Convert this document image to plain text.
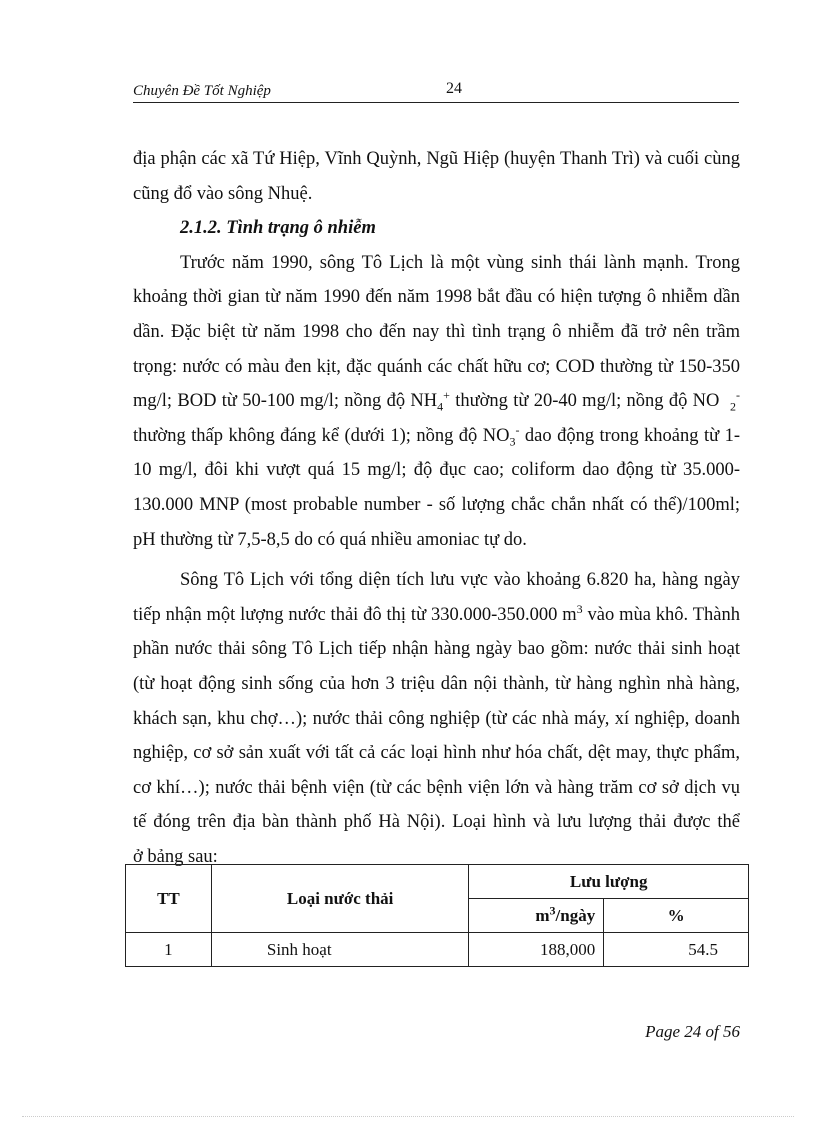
Chuyên Đề Tốt Nghiệp	24
địa phận các xã Tứ Hiệp, Vĩnh Quỳnh, Ngũ Hiệp (huyện Thanh Trì) và cuối cùng
cũng đổ vào sông Nhuệ.
2.1.2. Tình trạng ô nhiễm
Trước năm 1990, sông Tô Lịch là một vùng sinh thái lành mạnh. Trong
khoảng thời gian từ năm 1990 đến năm 1998 bắt đầu có hiện tượng ô nhiễm dần
dần. Đặc biệt từ năm 1998 cho đến nay thì tình trạng ô nhiễm đã trở nên trầm
trọng: nước có màu đen kịt, đặc quánh các chất hữu cơ; COD thường từ 150-350
mg/l; BOD từ 50-100 mg/l; nồng độ $NH_4^+$ thường từ 20-40 mg/l; nồng độ NO $_2$-
thường thấp không đáng kể (dưới 1); nồng độ $NO_3^-$ dao động trong khoảng từ 1-
10 mg/l, đôi khi vượt quá 15 mg/l; độ đục cao; coliform dao động từ 35.000-
130.000 MNP (most probable number - số lượng chắc chắn nhất có thể)/100ml;
pH thường từ 7,5-8,5 do có quá nhiều amoniac tự do.
Sông Tô Lịch với tổng diện tích lưu vực vào khoảng 6.820 ha, hàng ngày
tiếp nhận một lượng nước thải đô thị từ 330.000-350.000 $m^3$ vào mùa khô. Thành
phần nước thải sông Tô Lịch tiếp nhận hàng ngày bao gồm: nước thải sinh hoạt
(từ hoạt động sinh sống của hơn 3 triệu dân nội thành, từ hàng nghìn nhà hàng,
khách sạn, khu chợ…); nước thải công nghiệp (từ các nhà máy, xí nghiệp, doanh
nghiệp, cơ sở sản xuất với tất cả các loại hình như hóa chất, dệt may, thực phẩm,
cơ khí…); nước thải bệnh viện (từ các bệnh viện lớn và hàng trăm cơ sở dịch vụ
tế đóng trên địa bàn thành phố Hà Nội). Loại hình và lưu lượng thải được thể
ở bảng sau:
TT	Loại nước thải	Lưu lượng	
		$m^3$/ngày	%
1	Sinh hoạt	188,000	54.5
Page 24 of 56
